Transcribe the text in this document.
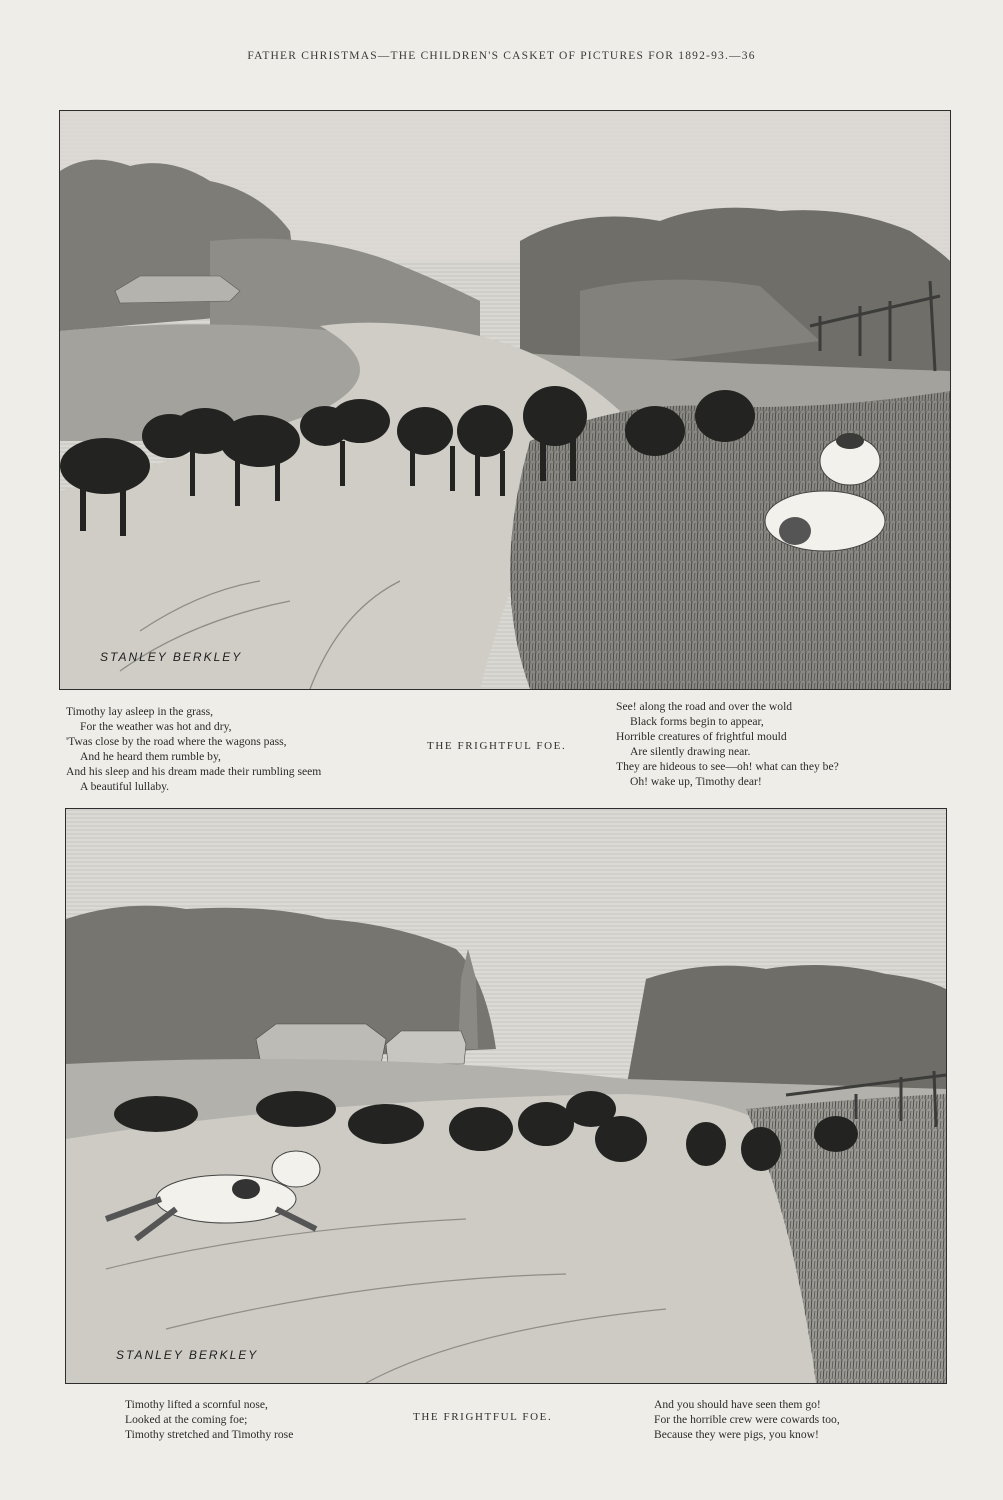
FATHER CHRISTMAS—THE CHILDREN'S CASKET OF PICTURES FOR 1892-93.—36
STANLEY BERKLEY
Timothy lay asleep in the grass,
For the weather was hot and dry,
'Twas close by the road where the wagons pass,
And he heard them rumble by,
And his sleep and his dream made their rumbling seem
A beautiful lullaby.
THE FRIGHTFUL FOE.
See! along the road and over the wold
Black forms begin to appear,
Horrible creatures of frightful mould
Are silently drawing near.
They are hideous to see—oh! what can they be?
Oh! wake up, Timothy dear!
STANLEY BERKLEY
Timothy lifted a scornful nose,
Looked at the coming foe;
Timothy stretched and Timothy rose
THE FRIGHTFUL FOE.
And you should have seen them go!
For the horrible crew were cowards too,
Because they were pigs, you know!
